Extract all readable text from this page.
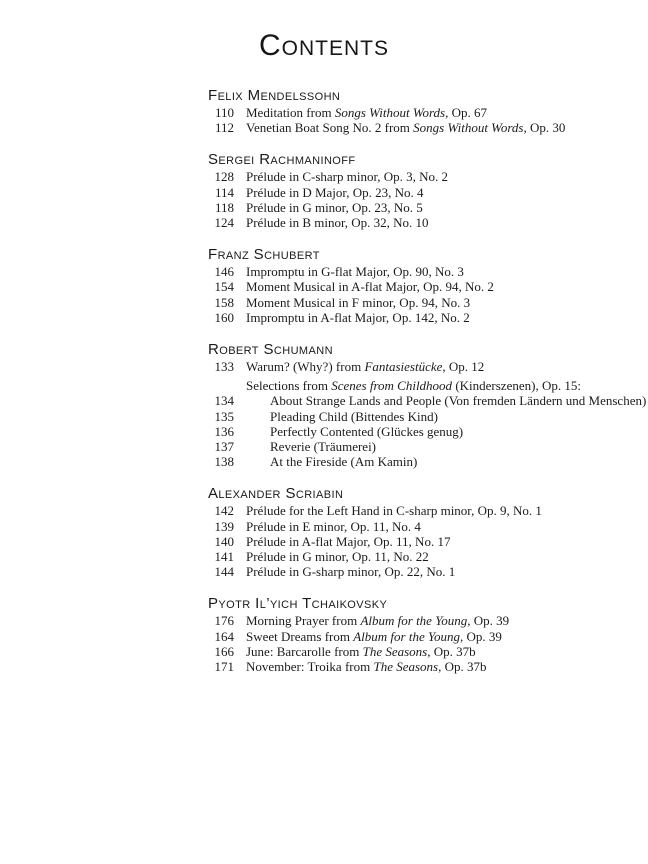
Contents
Felix Mendelssohn
110 Meditation from Songs Without Words, Op. 67
112 Venetian Boat Song No. 2 from Songs Without Words, Op. 30
Sergei Rachmaninoff
128 Prélude in C-sharp minor, Op. 3, No. 2
114 Prélude in D Major, Op. 23, No. 4
118 Prélude in G minor, Op. 23, No. 5
124 Prélude in B minor, Op. 32, No. 10
Franz Schubert
146 Impromptu in G-flat Major, Op. 90, No. 3
154 Moment Musical in A-flat Major, Op. 94, No. 2
158 Moment Musical in F minor, Op. 94, No. 3
160 Impromptu in A-flat Major, Op. 142, No. 2
Robert Schumann
133 Warum? (Why?) from Fantasiestücke, Op. 12
Selections from Scenes from Childhood (Kinderszenen), Op. 15:
134	About Strange Lands and People (Von fremden Ländern und Menschen)
135	Pleading Child (Bittendes Kind)
136	Perfectly Contented (Glückes genug)
137	Reverie (Träumerei)
138	At the Fireside (Am Kamin)
Alexander Scriabin
142 Prélude for the Left Hand in C-sharp minor, Op. 9, No. 1
139 Prélude in E minor, Op. 11, No. 4
140 Prélude in A-flat Major, Op. 11, No. 17
141 Prélude in G minor, Op. 11, No. 22
144 Prélude in G-sharp minor, Op. 22, No. 1
Pyotr Il’yich Tchaikovsky
176 Morning Prayer from Album for the Young, Op. 39
164 Sweet Dreams from Album for the Young, Op. 39
166 June: Barcarolle from The Seasons, Op. 37b
171 November: Troika from The Seasons, Op. 37b
